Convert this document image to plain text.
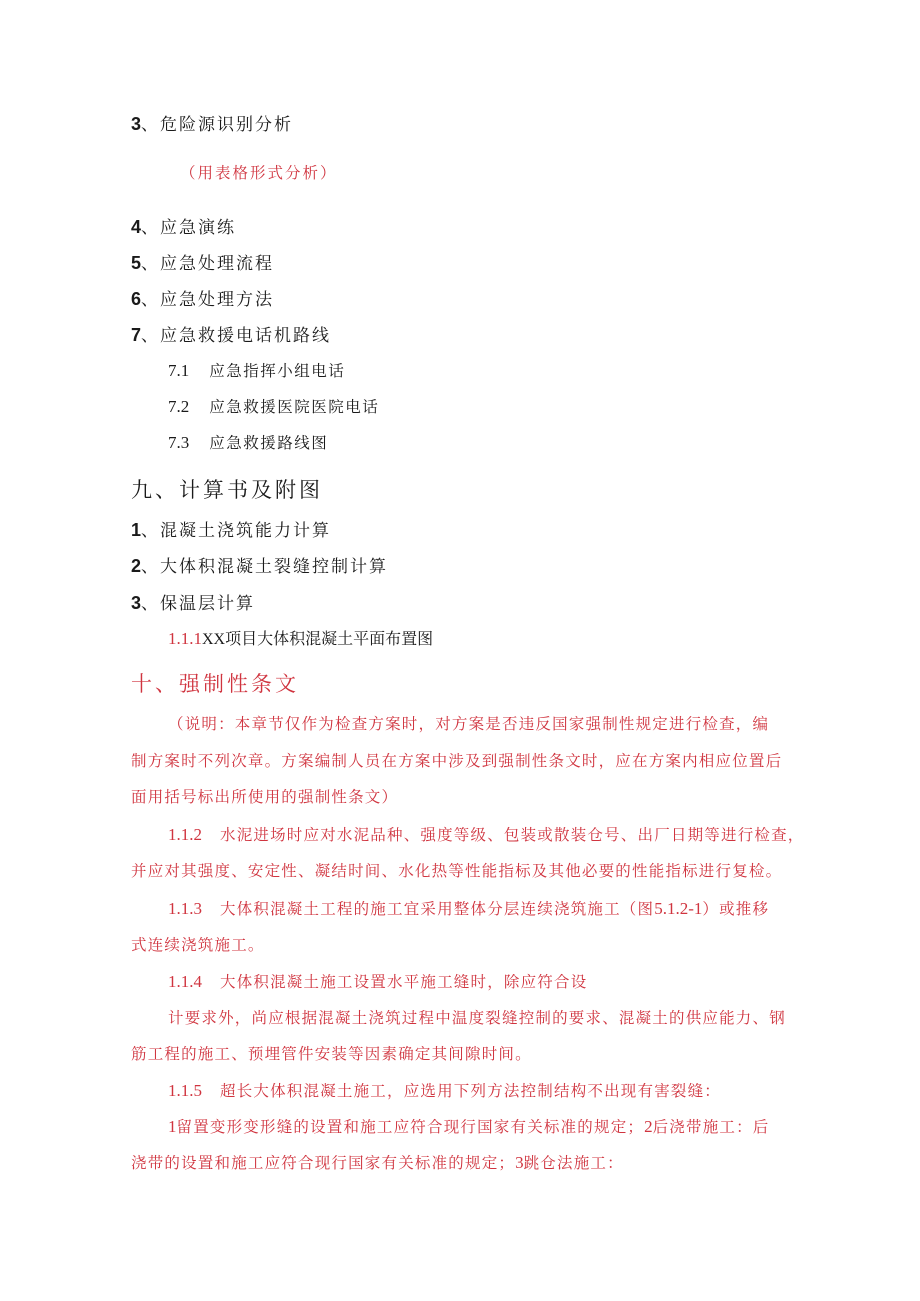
3、危险源识别分析
（用表格形式分析）
4、应急演练
5、应急处理流程
6、应急处理方法
7、应急救援电话机路线
7.1 应急指挥小组电话
7.2 应急救援医院医院电话
7.3 应急救援路线图
九、计算书及附图
1、混凝土浇筑能力计算
2、大体积混凝土裂缝控制计算
3、保温层计算
1.1.1XX项目大体积混凝土平面布置图
十、强制性条文
（说明：本章节仅作为检查方案时，对方案是否违反国家强制性规定进行检查，编
制方案时不列次章。方案编制人员在方案中涉及到强制性条文时，应在方案内相应位置后
面用括号标出所使用的强制性条文）
1.1.2 水泥进场时应对水泥品种、强度等级、包装或散装仓号、出厂日期等进行检查，
并应对其强度、安定性、凝结时间、水化热等性能指标及其他必要的性能指标进行复检。
1.1.3 大体积混凝土工程的施工宜采用整体分层连续浇筑施工（图5.1.2-1）或推移
式连续浇筑施工。
1.1.4 大体积混凝土施工设置水平施工缝时，除应符合设
计要求外，尚应根据混凝土浇筑过程中温度裂缝控制的要求、混凝土的供应能力、钢
筋工程的施工、预埋管件安装等因素确定其间隙时间。
1.1.5 超长大体积混凝土施工，应选用下列方法控制结构不出现有害裂缝：
1留置变形变形缝的设置和施工应符合现行国家有关标准的规定；2后浇带施工：后
浇带的设置和施工应符合现行国家有关标准的规定；3跳仓法施工：
